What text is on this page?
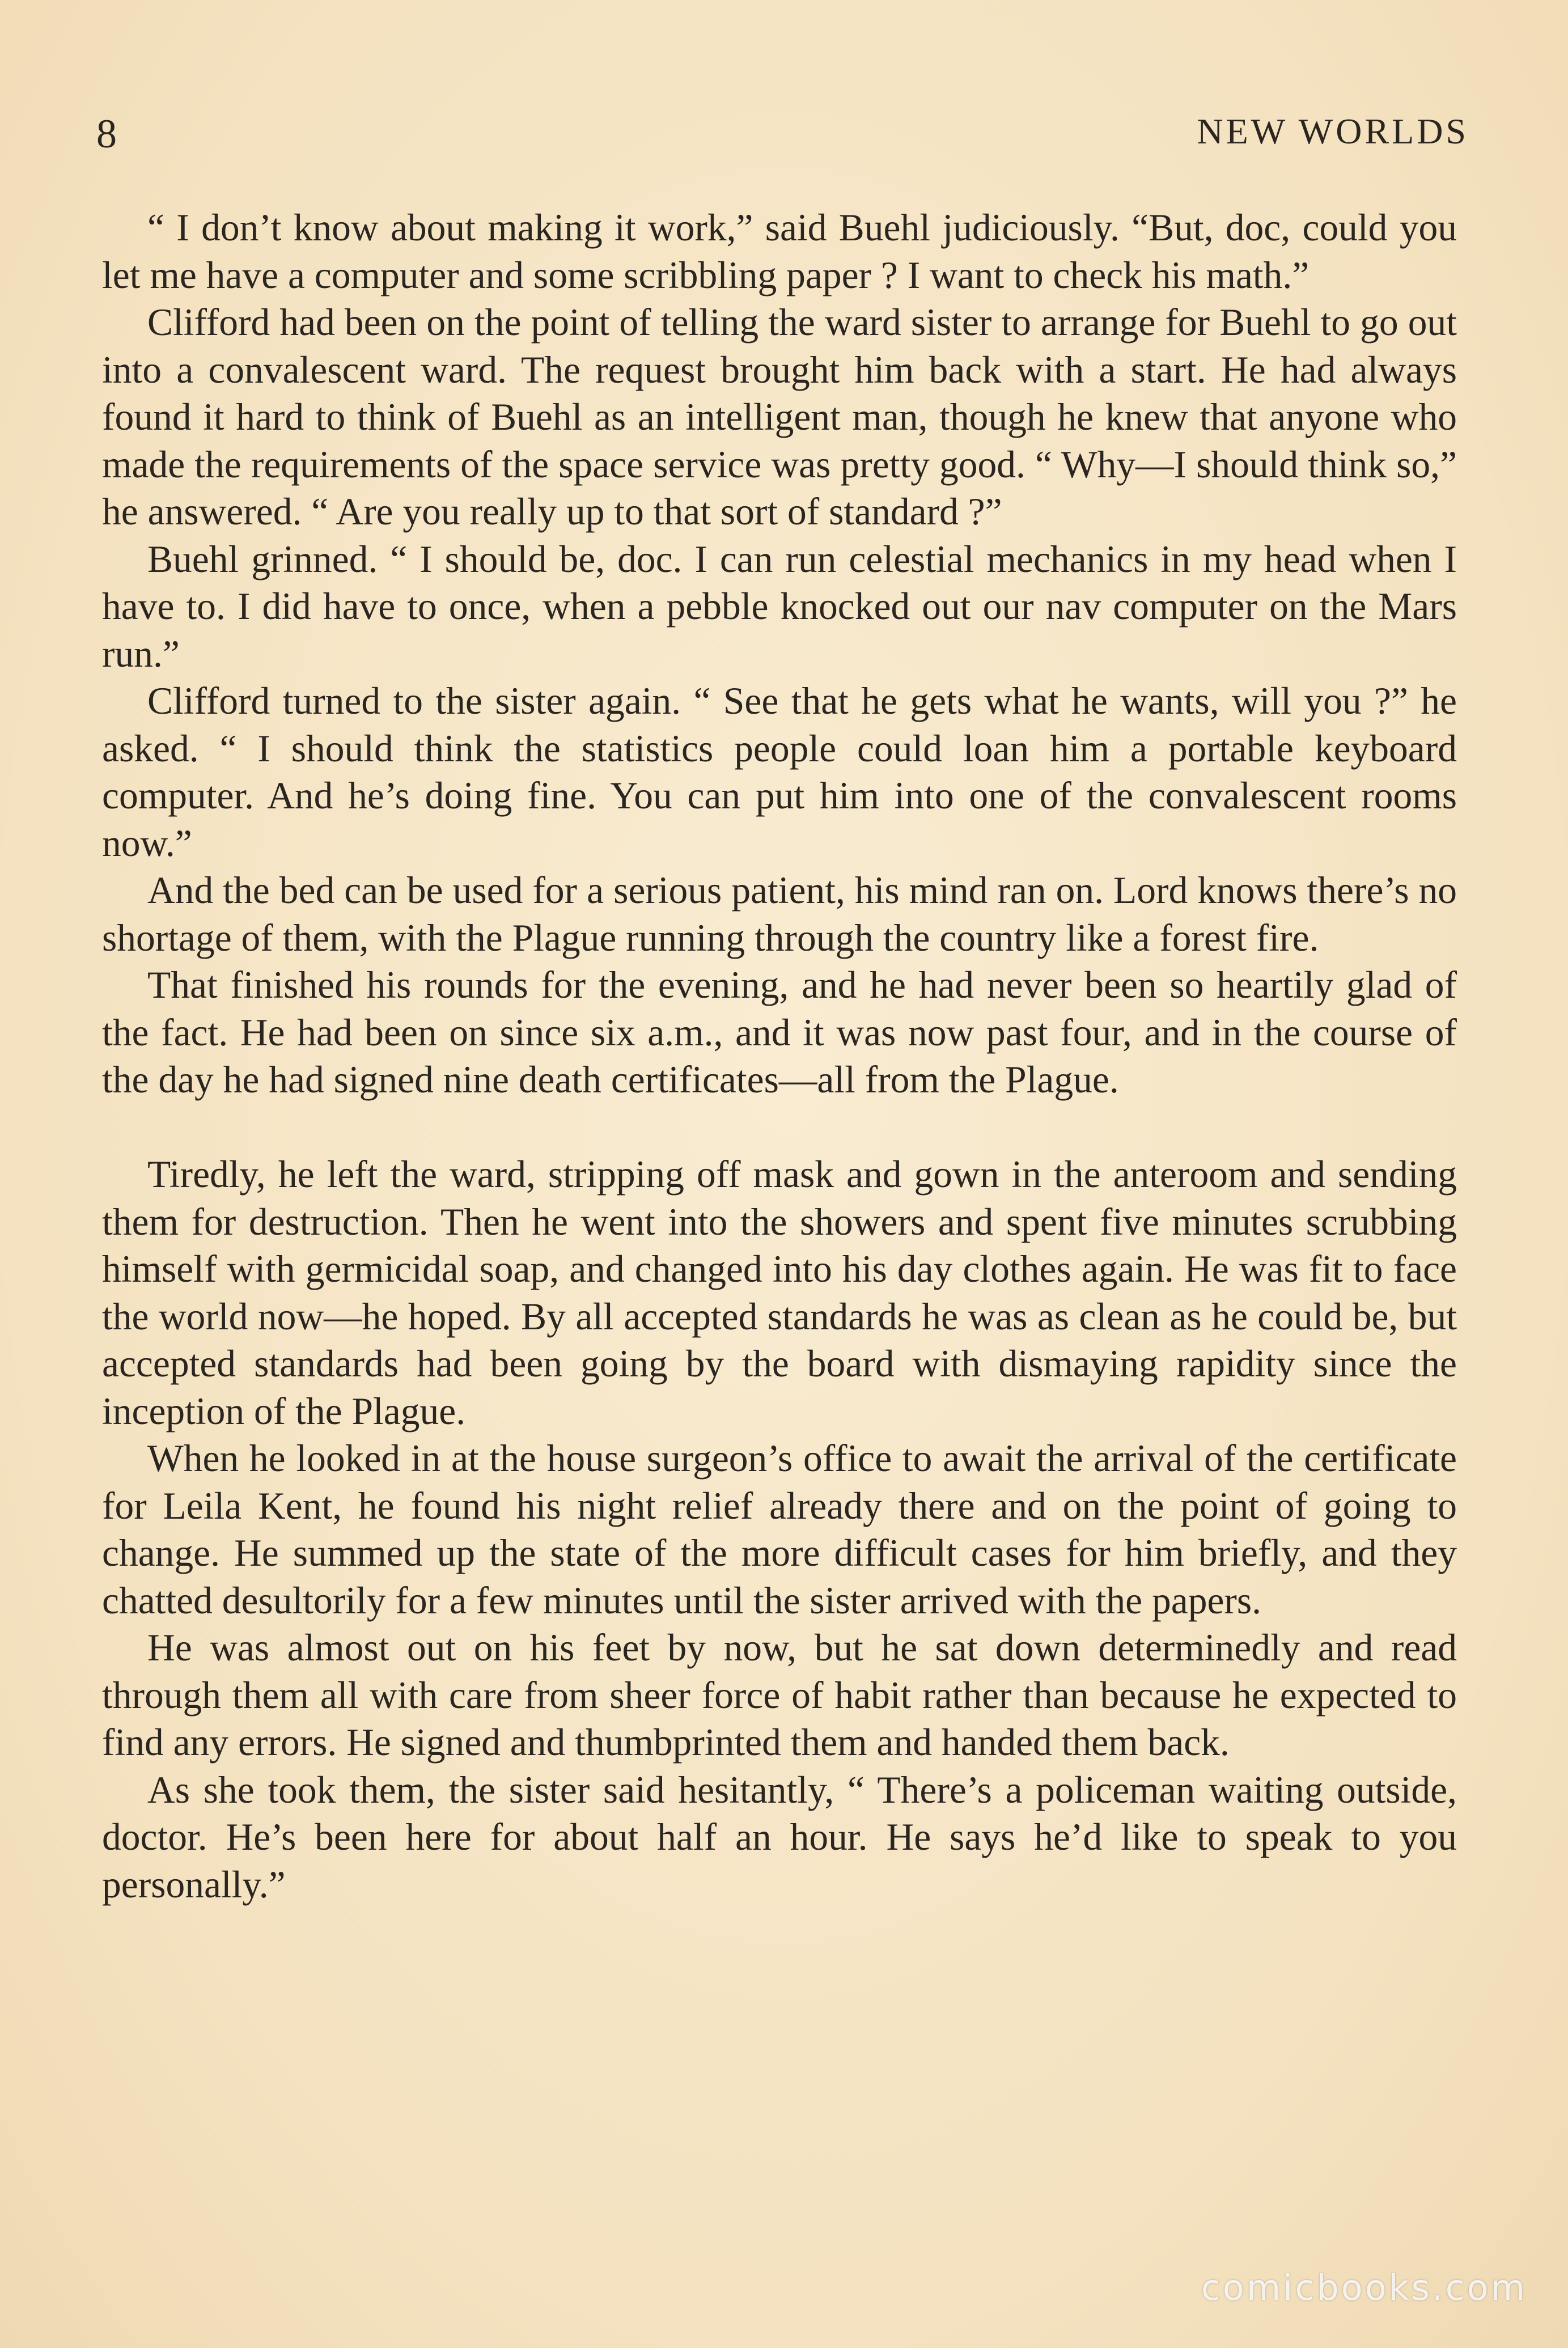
8	NEW WORLDS

“ I don’t know about making it work,” said Buehl judiciously. “But, doc, could you let me have a computer and some scribbling paper ? I want to check his math.”

Clifford had been on the point of telling the ward sister to arrange for Buehl to go out into a convalescent ward. The request brought him back with a start. He had always found it hard to think of Buehl as an intelligent man, though he knew that anyone who made the requirements of the space service was pretty good. “ Why—I should think so,” he answered. “ Are you really up to that sort of standard ?”

Buehl grinned. “ I should be, doc. I can run celestial mechanics in my head when I have to. I did have to once, when a pebble knocked out our nav computer on the Mars run.”

Clifford turned to the sister again. “ See that he gets what he wants, will you ?” he asked. “ I should think the statistics people could loan him a portable keyboard computer. And he’s doing fine. You can put him into one of the convalescent rooms now.”

And the bed can be used for a serious patient, his mind ran on. Lord knows there’s no shortage of them, with the Plague running through the country like a forest fire.

That finished his rounds for the evening, and he had never been so heartily glad of the fact. He had been on since six a.m., and it was now past four, and in the course of the day he had signed nine death certificates—all from the Plague.

Tiredly, he left the ward, stripping off mask and gown in the anteroom and sending them for destruction. Then he went into the showers and spent five minutes scrubbing himself with germicidal soap, and changed into his day clothes again. He was fit to face the world now—he hoped. By all accepted standards he was as clean as he could be, but accepted standards had been going by the board with dismaying rapidity since the inception of the Plague.

When he looked in at the house surgeon’s office to await the arrival of the certificate for Leila Kent, he found his night relief already there and on the point of going to change. He summed up the state of the more difficult cases for him briefly, and they chatted desultorily for a few minutes until the sister arrived with the papers.

He was almost out on his feet by now, but he sat down determinedly and read through them all with care from sheer force of habit rather than because he expected to find any errors. He signed and thumbprinted them and handed them back.

As she took them, the sister said hesitantly, “ There’s a policeman waiting outside, doctor. He’s been here for about half an hour. He says he’d like to speak to you personally.”

comicbooks.com
